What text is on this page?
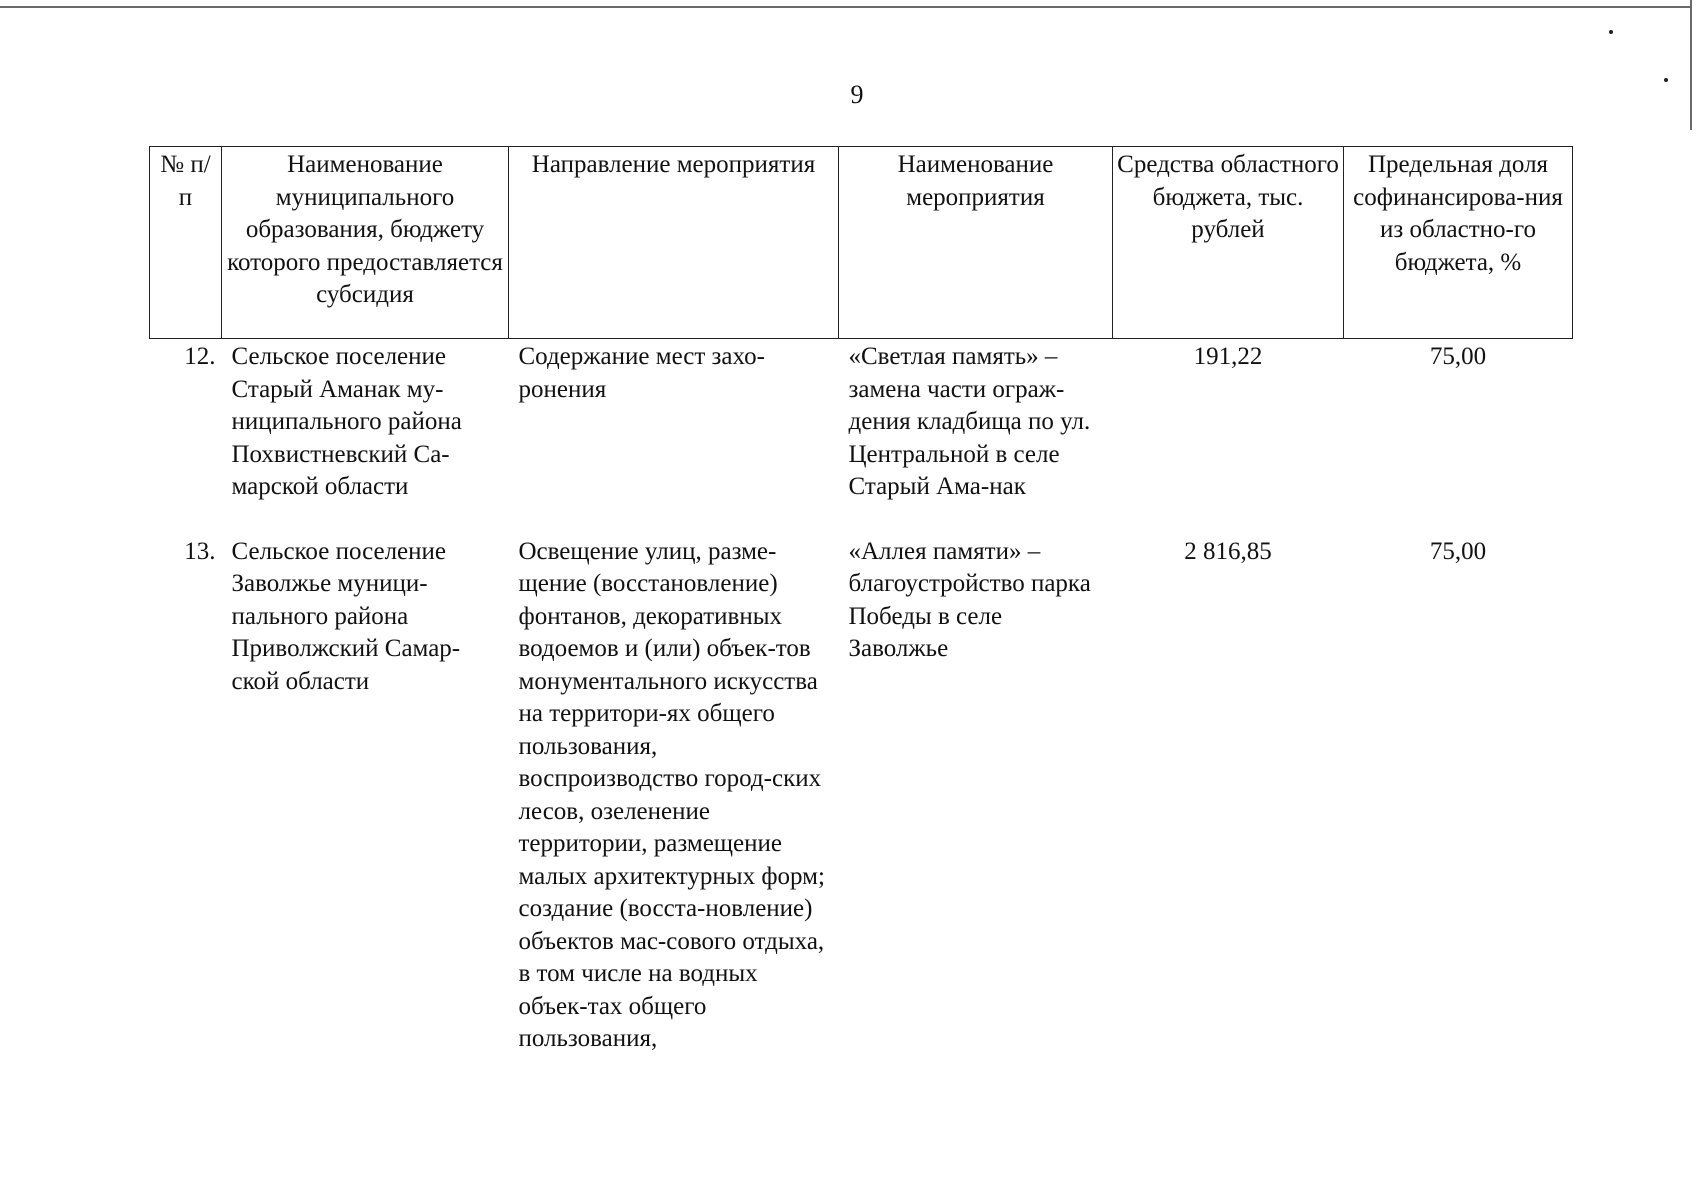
9
№ п/п	Наименование муниципального образования, бюджету которого предоставляется субсидия	Направление мероприятия	Наименование мероприятия	Средства областного бюджета, тыс. рублей	Предельная доля софинансирова-ния из областно-го бюджета, %
12.	Сельское поселение Старый Аманак му-ниципального района Похвистневский Са-марской области	Содержание мест захо-ронения	«Светлая память» – замена части ограж-дения кладбища по ул. Центральной в селе Старый Ама-нак	191,22	75,00
13.	Сельское поселение Заволжье муници-пального района Приволжский Самар-ской области	Освещение улиц, разме-щение (восстановление) фонтанов, декоративных водоемов и (или) объек-тов монументального искусства на территори-ях общего пользования, воспроизводство город-ских лесов, озеленение территории, размещение малых архитектурных форм; создание (восста-новление) объектов мас-сового отдыха, в том числе на водных объек-тах общего пользования,	«Аллея памяти» – благоустройство парка Победы в селе Заволжье	2 816,85	75,00
